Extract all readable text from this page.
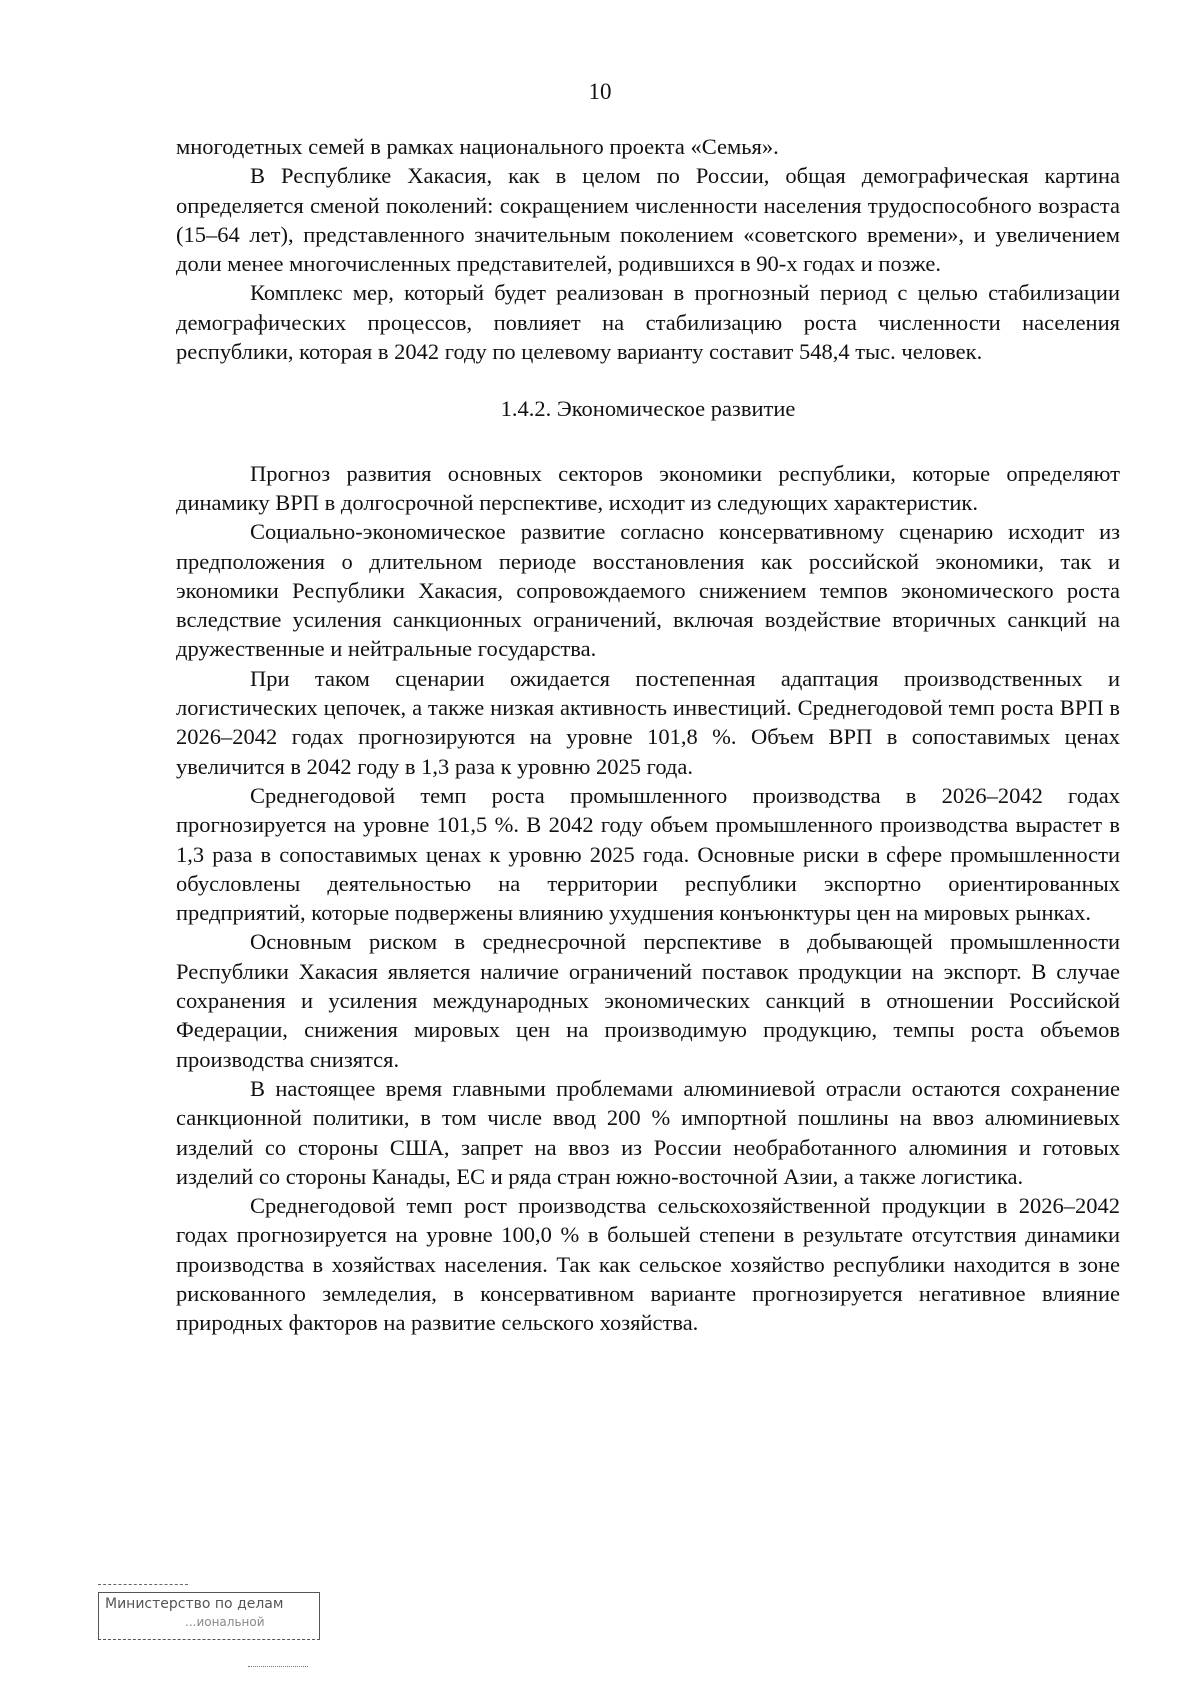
10

многодетных семей в рамках национального проекта «Семья».

В Республике Хакасия, как в целом по России, общая демографическая картина определяется сменой поколений: сокращением численности населения трудоспособного возраста (15–64 лет), представленного значительным поколением «советского времени», и увеличением доли менее многочисленных представителей, родившихся в 90-х годах и позже.

Комплекс мер, который будет реализован в прогнозный период с целью стабилизации демографических процессов, повлияет на стабилизацию роста численности населения республики, которая в 2042 году по целевому варианту составит 548,4 тыс. человек.

1.4.2. Экономическое развитие

Прогноз развития основных секторов экономики республики, которые определяют динамику ВРП в долгосрочной перспективе, исходит из следующих характеристик.

Социально-экономическое развитие согласно консервативному сценарию исходит из предположения о длительном периоде восстановления как российской экономики, так и экономики Республики Хакасия, сопровождаемого снижением темпов экономического роста вследствие усиления санкционных ограничений, включая воздействие вторичных санкций на дружественные и нейтральные государства.

При таком сценарии ожидается постепенная адаптация производственных и логистических цепочек, а также низкая активность инвестиций. Среднегодовой темп роста ВРП в 2026–2042 годах прогнозируются на уровне 101,8 %. Объем ВРП в сопоставимых ценах увеличится в 2042 году в 1,3 раза к уровню 2025 года.

Среднегодовой темп роста промышленного производства в 2026–2042 годах прогнозируется на уровне 101,5 %. В 2042 году объем промышленного производства вырастет в 1,3 раза в сопоставимых ценах к уровню 2025 года. Основные риски в сфере промышленности обусловлены деятельностью на территории республики экспортно ориентированных предприятий, которые подвержены влиянию ухудшения конъюнктуры цен на мировых рынках.

Основным риском в среднесрочной перспективе в добывающей промышленности Республики Хакасия является наличие ограничений поставок продукции на экспорт. В случае сохранения и усиления международных экономических санкций в отношении Российской Федерации, снижения мировых цен на производимую продукцию, темпы роста объемов производства снизятся.

В настоящее время главными проблемами алюминиевой отрасли остаются сохранение санкционной политики, в том числе ввод 200 % импортной пошлины на ввоз алюминиевых изделий со стороны США, запрет на ввоз из России необработанного алюминия и готовых изделий со стороны Канады, ЕС и ряда стран южно-восточной Азии, а также логистика.

Среднегодовой темп рост производства сельскохозяйственной продукции в 2026–2042 годах прогнозируется на уровне 100,0 % в большей степени в результате отсутствия динамики производства в хозяйствах населения. Так как сельское хозяйство республики находится в зоне рискованного земледелия, в консервативном варианте прогнозируется негативное влияние природных факторов на развитие сельского хозяйства.

Министерство по делам
...иональной
